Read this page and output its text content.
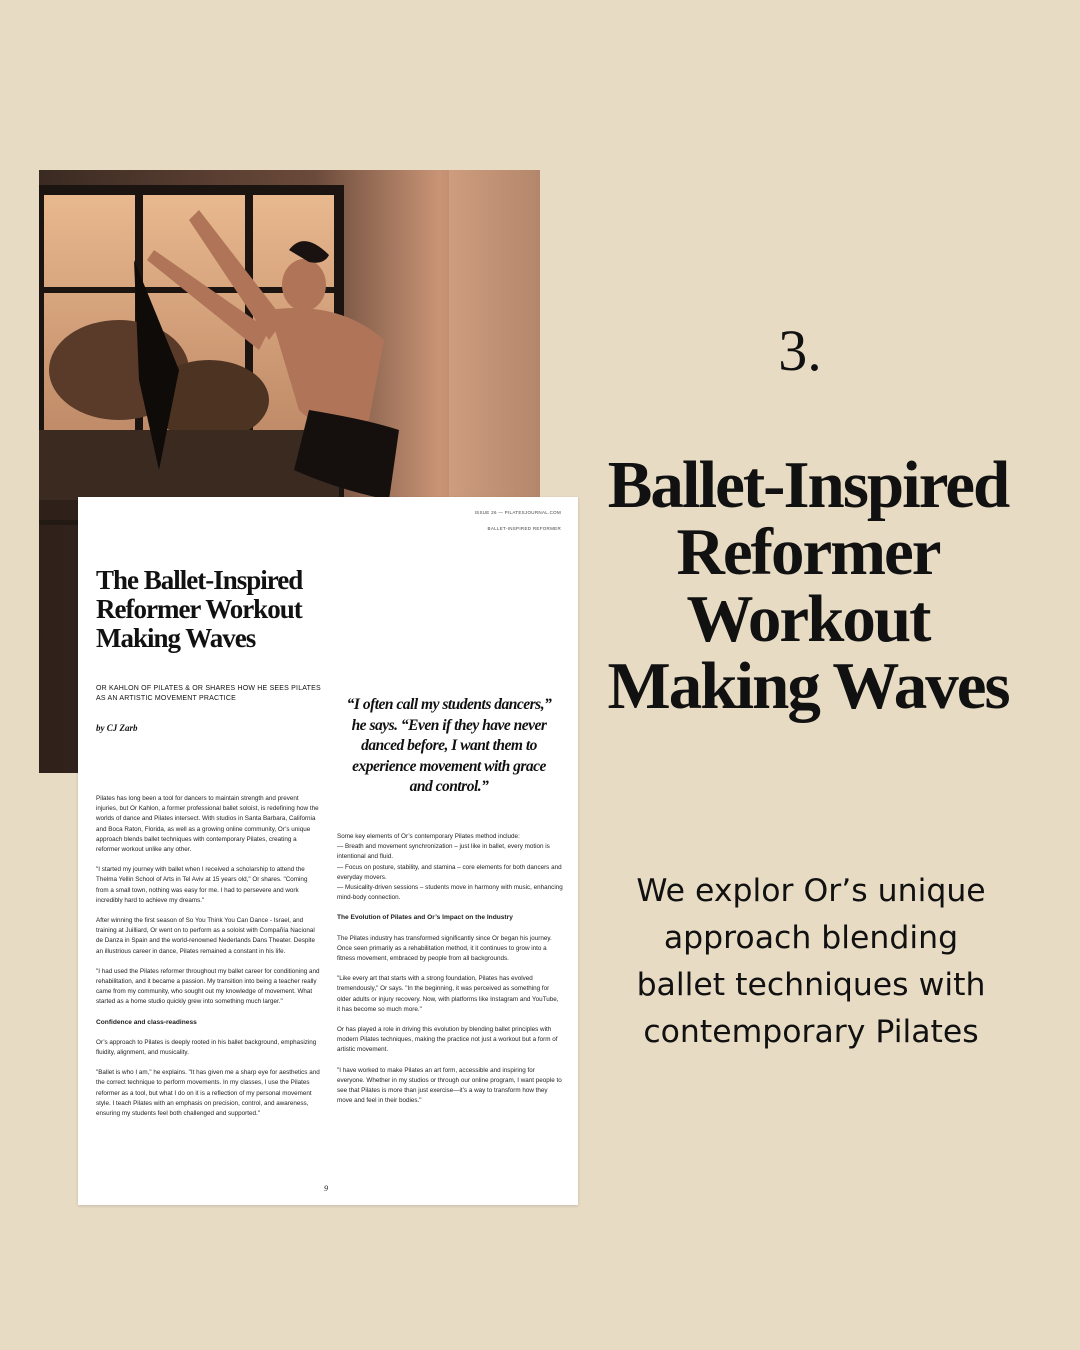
ISSUE 26 — PILATESJOURNAL.COM
BALLET-INSPIRED REFORMER
The Ballet-Inspired Reformer Workout Making Waves
OR KAHLON OF PILATES & OR SHARES HOW HE SEES PILATES AS AN ARTISTIC MOVEMENT PRACTICE
by CJ Zarb
“I often call my students dancers,” he says. “Even if they have never danced before, I want them to experience movement with grace and control.”

Pilates has long been a tool for dancers to maintain strength and prevent injuries, but Or Kahlon, a former professional ballet soloist, is redefining how the worlds of dance and Pilates intersect. With studios in Santa Barbara, California and Boca Raton, Florida, as well as a growing online community, Or’s unique approach blends ballet techniques with contemporary Pilates, creating a reformer workout unlike any other.

"I started my journey with ballet when I received a scholarship to attend the Thelma Yellin School of Arts in Tel Aviv at 15 years old," Or shares. "Coming from a small town, nothing was easy for me. I had to persevere and work incredibly hard to achieve my dreams."

After winning the first season of So You Think You Can Dance - Israel, and training at Juilliard, Or went on to perform as a soloist with Compañía Nacional de Danza in Spain and the world-renowned Nederlands Dans Theater. Despite an illustrious career in dance, Pilates remained a constant in his life.

"I had used the Pilates reformer throughout my ballet career for conditioning and rehabilitation, and it became a passion. My transition into being a teacher really came from my community, who sought out my knowledge of movement. What started as a home studio quickly grew into something much larger."

Confidence and class-readiness

Or’s approach to Pilates is deeply rooted in his ballet background, emphasizing fluidity, alignment, and musicality.

"Ballet is who I am," he explains. "It has given me a sharp eye for aesthetics and the correct technique to perform movements. In my classes, I use the Pilates reformer as a tool, but what I do on it is a reflection of my personal movement style. I teach Pilates with an emphasis on precision, control, and awareness, ensuring my students feel both challenged and supported."

Some key elements of Or’s contemporary Pilates method include:

— Breath and movement synchronization – just like in ballet, every motion is intentional and fluid.
— Focus on posture, stability, and stamina – core elements for both dancers and everyday movers.
— Musicality-driven sessions – students move in harmony with music, enhancing mind-body connection.
The Evolution of Pilates and Or’s Impact on the Industry

The Pilates industry has transformed significantly since Or began his journey. Once seen primarily as a rehabilitation method, it it continues to grow into a fitness movement, embraced by people from all backgrounds.

"Like every art that starts with a strong foundation, Pilates has evolved tremendously," Or says. "In the beginning, it was perceived as something for older adults or injury recovery. Now, with platforms like Instagram and YouTube, it has become so much more."

Or has played a role in driving this evolution by blending ballet principles with modern Pilates techniques, making the practice not just a workout but a form of artistic movement.

"I have worked to make Pilates an art form, accessible and inspiring for everyone. Whether in my studios or through our online program, I want people to see that Pilates is more than just exercise—it’s a way to transform how they move and feel in their bodies."

9
3.
Ballet-Inspired Reformer Workout Making Waves
We explor Or’s unique approach blending ballet techniques with contemporary Pilates
